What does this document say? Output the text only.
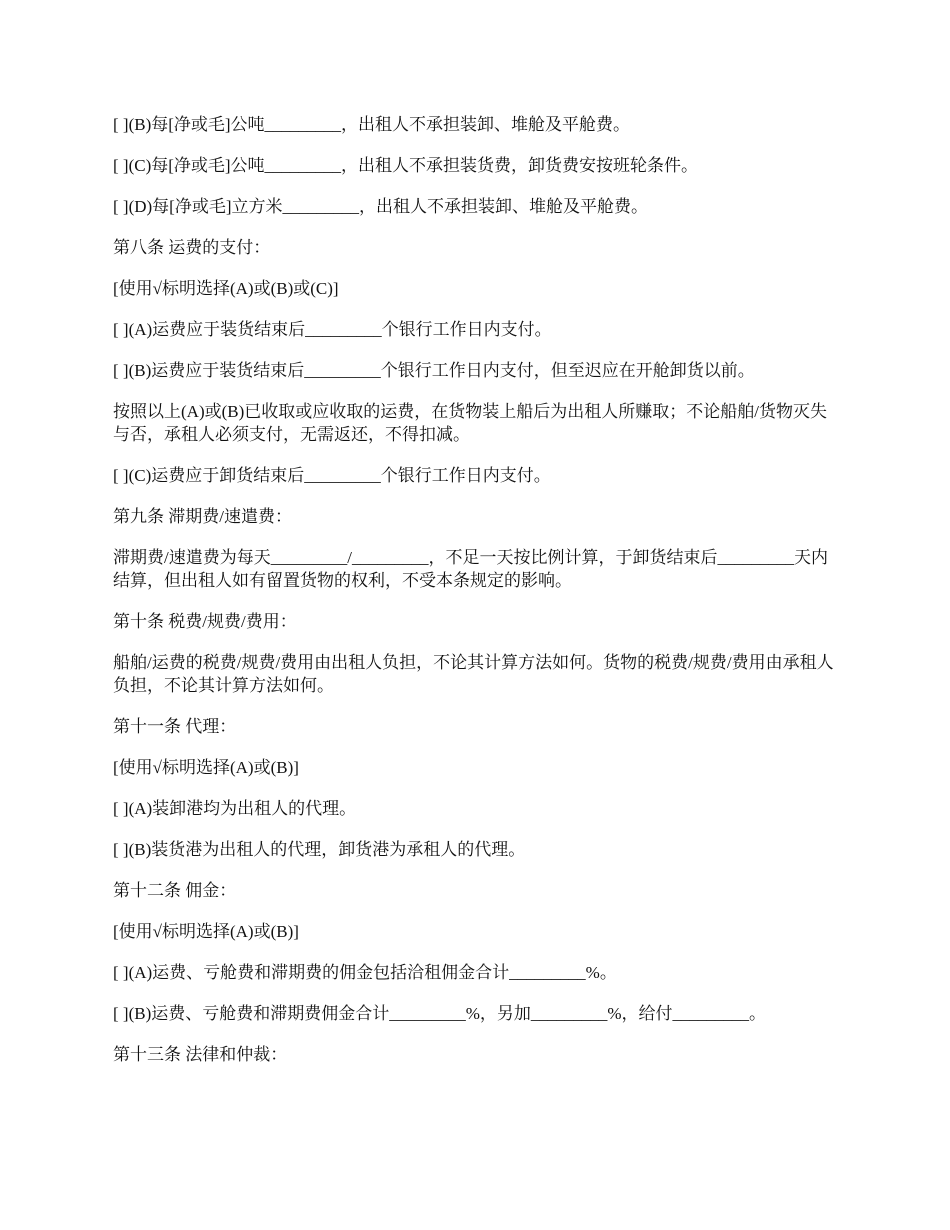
[ ](B)每[净或毛]公吨_________，出租人不承担装卸、堆舱及平舱费。

[ ](C)每[净或毛]公吨_________，出租人不承担装货费，卸货费安按班轮条件。

[ ](D)每[净或毛]立方米_________，出租人不承担装卸、堆舱及平舱费。

第八条 运费的支付：

[使用√标明选择(A)或(B)或(C)]

[ ](A)运费应于装货结束后_________个银行工作日内支付。

[ ](B)运费应于装货结束后_________个银行工作日内支付，但至迟应在开舱卸货以前。

按照以上(A)或(B)已收取或应收取的运费，在货物装上船后为出租人所赚取；不论船舶/货物灭失与否，承租人必须支付，无需返还，不得扣减。

[ ](C)运费应于卸货结束后_________个银行工作日内支付。

第九条 滞期费/速遣费：

滞期费/速遣费为每天_________/_________，不足一天按比例计算，于卸货结束后_________天内结算，但出租人如有留置货物的权利，不受本条规定的影响。

第十条 税费/规费/费用：

船舶/运费的税费/规费/费用由出租人负担，不论其计算方法如何。货物的税费/规费/费用由承租人负担，不论其计算方法如何。

第十一条 代理：

[使用√标明选择(A)或(B)]

[ ](A)装卸港均为出租人的代理。

[ ](B)装货港为出租人的代理，卸货港为承租人的代理。

第十二条 佣金：

[使用√标明选择(A)或(B)]

[ ](A)运费、亏舱费和滞期费的佣金包括洽租佣金合计_________%。

[ ](B)运费、亏舱费和滞期费佣金合计_________%，另加_________%，给付_________。

第十三条 法律和仲裁：
